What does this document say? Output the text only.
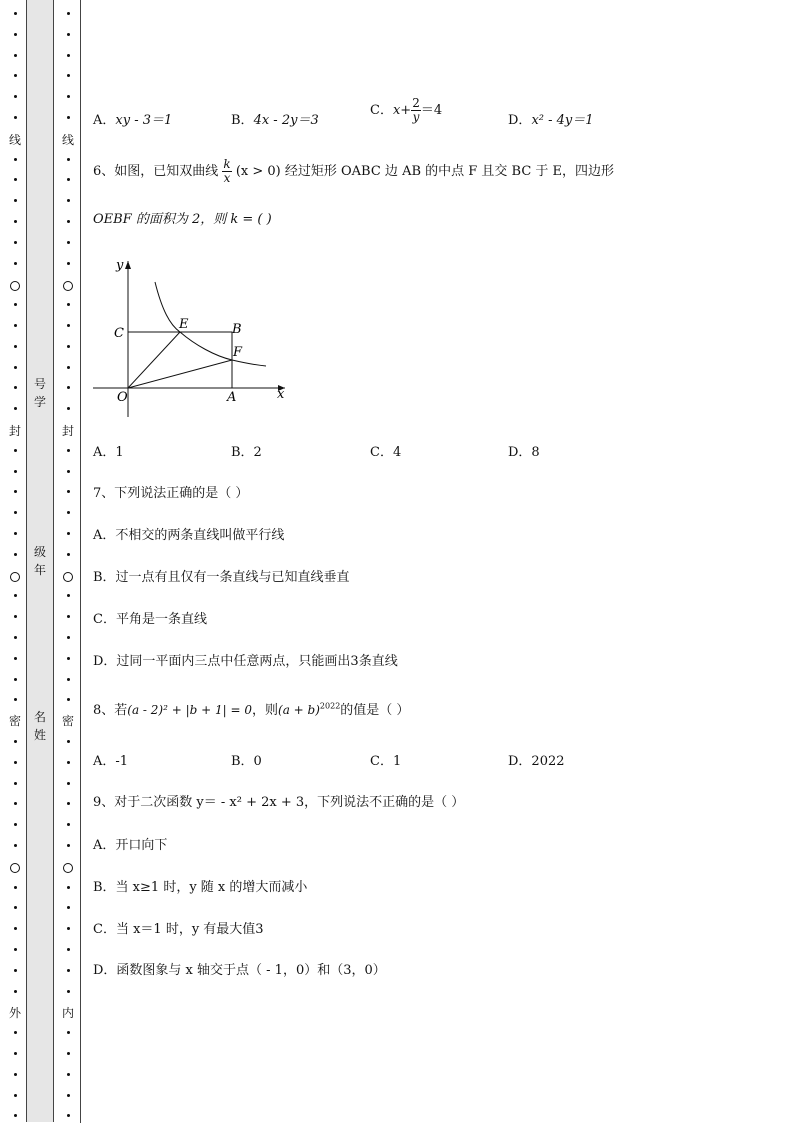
线
封
密
外
号
学
级
年
名
姓
线
封
密
内
A．xy - 3＝1	B．4x - 2y＝3
C．$x+ \frac{2}{y} =4$
D．x² - 4y＝1
6、如图，已知双曲线 $\frac{k}{x} (x > 0)$ 经过矩形 OABC 边 AB 的中点 F 且交 BC 于 E，四边形
OEBF 的面积为 2，则 k = ( )
y
x
C
E	B
F
O	A
A．1	B．2	C．4	D．8
7、下列说法正确的是（ ）
A．不相交的两条直线叫做平行线
B．过一点有且仅有一条直线与已知直线垂直
C．平角是一条直线
D．过同一平面内三点中任意两点，只能画出3条直线
8、若(a - 2)² + |b + 1| = 0，则$(a + b)^{2022}$的值是（ ）
A．-1	B．0	C．1	D．2022
9、对于二次函数 y＝ - x² + 2x + 3，下列说法不正确的是（ ）
A．开口向下
B．当 x≥1 时，y 随 x 的增大而减小
C．当 x＝1 时，y 有最大值3
D．函数图象与 x 轴交于点（ - 1，0）和（3，0）
